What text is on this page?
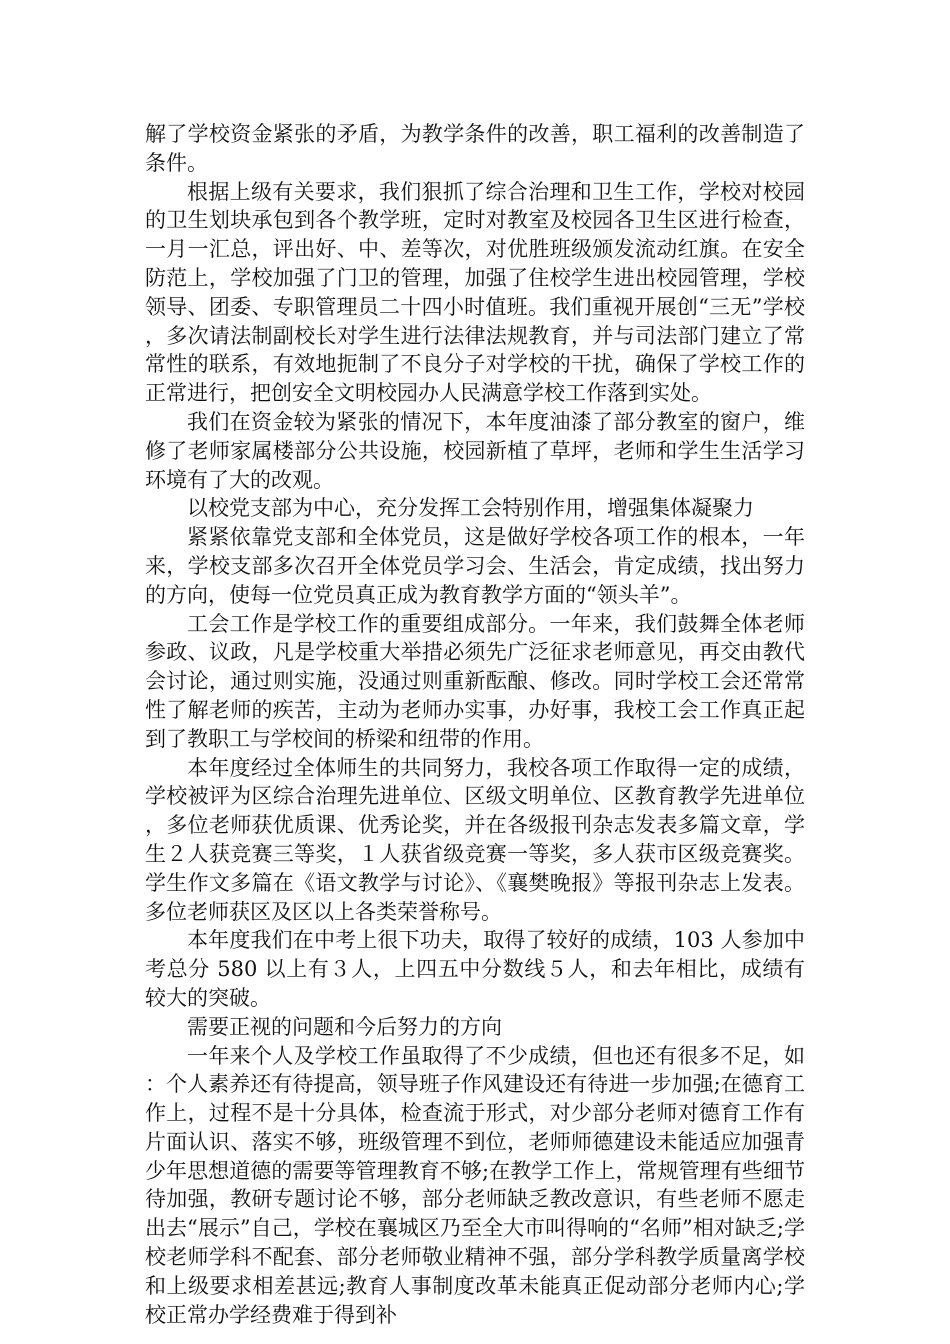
解了学校资金紧张的矛盾，为教学条件的改善，职工福利的改善制造了条件。

根据上级有关要求，我们狠抓了综合治理和卫生工作，学校对校园的卫生划块承包到各个教学班，定时对教室及校园各卫生区进行检查，一月一汇总，评出好、中、差等次，对优胜班级颁发流动红旗。在安全防范上，学校加强了门卫的管理，加强了住校学生进出校园管理，学校领导、团委、专职管理员二十四小时值班。我们重视开展创“三无”学校，多次请法制副校长对学生进行法律法规教育，并与司法部门建立了常常性的联系，有效地扼制了不良分子对学校的干扰，确保了学校工作的正常进行，把创安全文明校园办人民满意学校工作落到实处。

我们在资金较为紧张的情况下，本年度油漆了部分教室的窗户，维修了老师家属楼部分公共设施，校园新植了草坪，老师和学生生活学习环境有了大的改观。

以校党支部为中心，充分发挥工会特别作用，增强集体凝聚力

紧紧依靠党支部和全体党员，这是做好学校各项工作的根本，一年来，学校支部多次召开全体党员学习会、生活会，肯定成绩，找出努力的方向，使每一位党员真正成为教育教学方面的“领头羊”。

工会工作是学校工作的重要组成部分。一年来，我们鼓舞全体老师参政、议政，凡是学校重大举措必须先广泛征求老师意见，再交由教代会讨论，通过则实施，没通过则重新酝酿、修改。同时学校工会还常常性了解老师的疾苦，主动为老师办实事，办好事，我校工会工作真正起到了教职工与学校间的桥梁和纽带的作用。

本年度经过全体师生的共同努力，我校各项工作取得一定的成绩，学校被评为区综合治理先进单位、区级文明单位、区教育教学先进单位，多位老师获优质课、优秀论奖，并在各级报刊杂志发表多篇文章，学生２人获竞赛三等奖，１人获省级竞赛一等奖，多人获市区级竞赛奖。学生作文多篇在《语文教学与讨论》、《襄樊晚报》等报刊杂志上发表。多位老师获区及区以上各类荣誉称号。

本年度我们在中考上很下功夫，取得了较好的成绩，103 人参加中考总分 580 以上有３人，上四五中分数线５人，和去年相比，成绩有较大的突破。

需要正视的问题和今后努力的方向

一年来个人及学校工作虽取得了不少成绩，但也还有很多不足，如：个人素养还有待提高，领导班子作风建设还有待进一步加强;在德育工作上，过程不是十分具体，检查流于形式，对少部分老师对德育工作有片面认识、落实不够，班级管理不到位，老师师德建设未能适应加强青少年思想道德的需要等管理教育不够;在教学工作上，常规管理有些细节待加强，教研专题讨论不够，部分老师缺乏教改意识，有些老师不愿走出去“展示”自己，学校在襄城区乃至全大市叫得响的“名师”相对缺乏;学校老师学科不配套、部分老师敬业精神不强，部分学科教学质量离学校和上级要求相差甚远;教育人事制度改革未能真正促动部分老师内心;学校正常办学经费难于得到补
